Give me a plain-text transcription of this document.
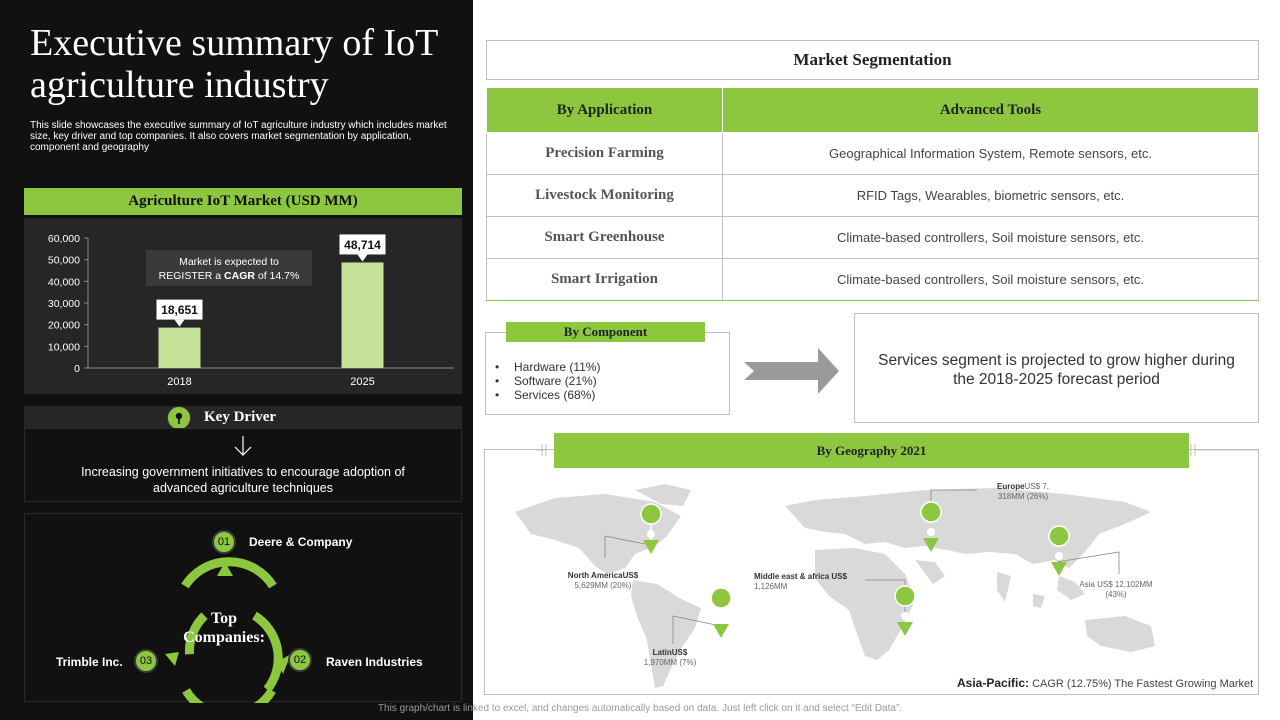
Executive summary of IoT agriculture industry
This slide showcases the executive summary of IoT agriculture industry which includes market size, key driver and top companies. It also covers market segmentation by application, component and geography
Agriculture IoT Market (USD MM)
0
10,000
20,000
30,000
40,000
50,000
60,000
2018
18,651
2025
48,714
Market is expected to
REGISTER a CAGR of 14.7%
Key Driver
Increasing government initiatives to encourage adoption of advanced agriculture techniques
01	Deere & Company
02	Raven Industries
03
Trimble Inc.
Top
Companies:
Market Segmentation
By Application	Advanced Tools
Precision Farming	Geographical Information System, Remote sensors, etc.
Livestock Monitoring	RFID Tags, Wearables, biometric sensors, etc.
Smart Greenhouse	Climate-based controllers, Soil moisture sensors, etc.
Smart Irrigation	Climate-based controllers, Soil moisture sensors, etc.
By Component
• Hardware (11%)
• Software (21%)
• Services (68%)
Services segment is projected to grow higher during the 2018-2025 forecast period
By Geography 2021
North AmericaUS$
5,629MM (20%)
LatinUS$
1,970MM (7%)
EuropeUS$ 7,
318MM (26%)
Middle east & africa US$
1,126MM	Asia US$ 12,102MM
(43%)
Asia-Pacific: CAGR (12.75%) The Fastest Growing Market
This graph/chart is linked to excel, and changes automatically based on data. Just left click on it and select “Edit Data”.
